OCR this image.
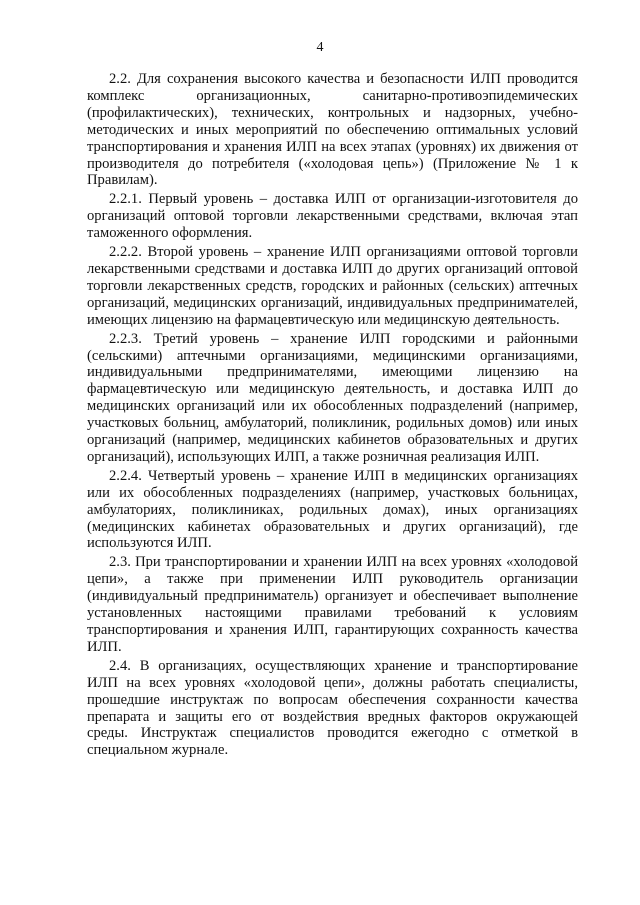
4

2.2. Для сохранения высокого качества и безопасности ИЛП проводится комплекс организационных, санитарно-противоэпидемических (профилактических), технических, контрольных и надзорных, учебно-методических и иных мероприятий по обеспечению оптимальных условий транспортирования и хранения ИЛП на всех этапах (уровнях) их движения от производителя до потребителя («холодовая цепь») (Приложение № 1 к Правилам).

2.2.1. Первый уровень – доставка ИЛП от организации-изготовителя до организаций оптовой торговли лекарственными средствами, включая этап таможенного оформления.

2.2.2. Второй уровень – хранение ИЛП организациями оптовой торговли лекарственными средствами и доставка ИЛП до других организаций оптовой торговли лекарственных средств, городских и районных (сельских) аптечных организаций, медицинских организаций, индивидуальных предпринимателей, имеющих лицензию на фармацевтическую или медицинскую деятельность.

2.2.3. Третий уровень – хранение ИЛП городскими и районными (сельскими) аптечными организациями, медицинскими организациями, индивидуальными предпринимателями, имеющими лицензию на фармацевтическую или медицинскую деятельность, и доставка ИЛП до медицинских организаций или их обособленных подразделений (например, участковых больниц, амбулаторий, поликлиник, родильных домов) или иных организаций (например, медицинских кабинетов образовательных и других организаций), использующих ИЛП, а также розничная реализация ИЛП.

2.2.4. Четвертый уровень – хранение ИЛП в медицинских организациях или их обособленных подразделениях (например, участковых больницах, амбулаториях, поликлиниках, родильных домах), иных организациях (медицинских кабинетах образовательных и других организаций), где используются ИЛП.

2.3. При транспортировании и хранении ИЛП на всех уровнях «холодовой цепи», а также при применении ИЛП руководитель организации (индивидуальный предприниматель) организует и обеспечивает выполнение установленных настоящими правилами требований к условиям транспортирования и хранения ИЛП, гарантирующих сохранность качества ИЛП.

2.4. В организациях, осуществляющих хранение и транспортирование ИЛП на всех уровнях «холодовой цепи», должны работать специалисты, прошедшие инструктаж по вопросам обеспечения сохранности качества препарата и защиты его от воздействия вредных факторов окружающей среды. Инструктаж специалистов проводится ежегодно с отметкой в специальном журнале.
